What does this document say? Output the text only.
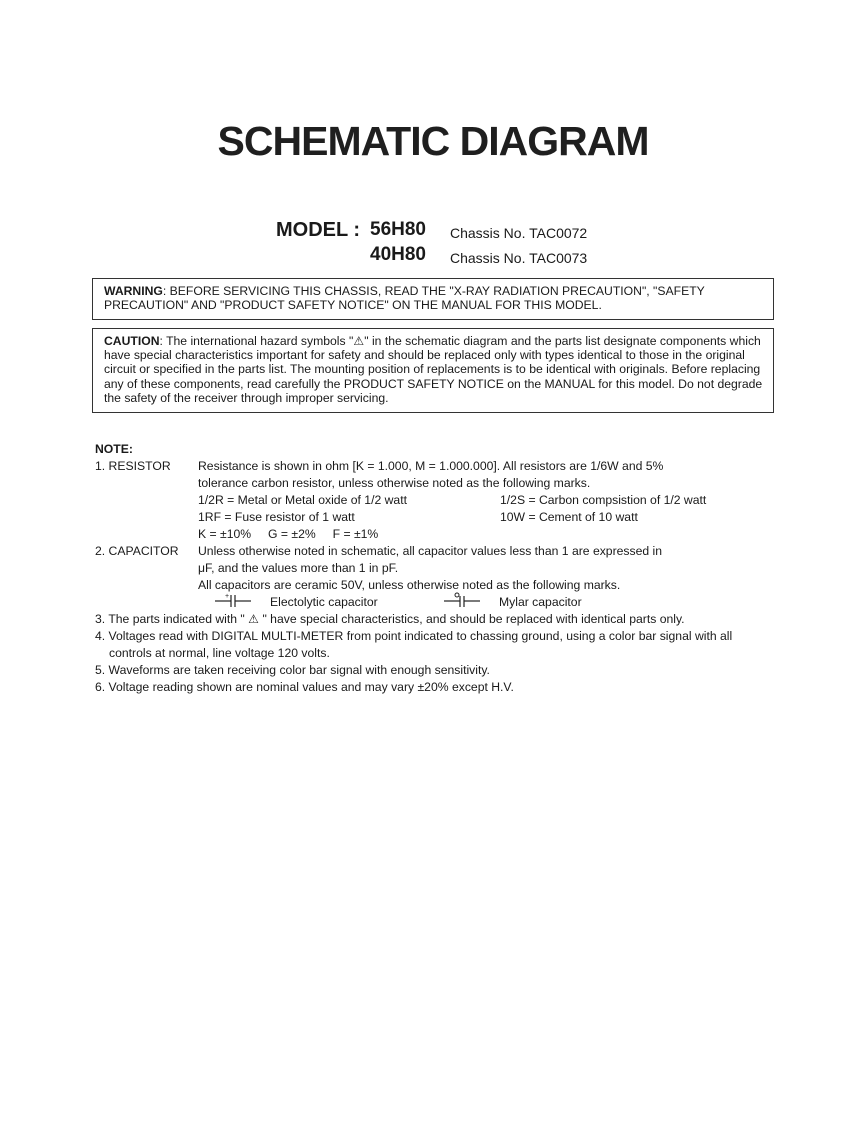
SCHEMATIC DIAGRAM
MODEL : 56H80 Chassis No. TAC0072
40H80 Chassis No. TAC0073
WARNING: BEFORE SERVICING THIS CHASSIS, READ THE "X-RAY RADIATION PRECAUTION", "SAFETY PRECAUTION" AND "PRODUCT SAFETY NOTICE" ON THE MANUAL FOR THIS MODEL.
CAUTION: The international hazard symbols "⚠" in the schematic diagram and the parts list designate components which have special characteristics important for safety and should be replaced only with types identical to those in the original circuit or specified in the parts list. The mounting position of replacements is to be identical with originals. Before replacing any of these components, read carefully the PRODUCT SAFETY NOTICE on the MANUAL for this model. Do not degrade the safety of the receiver through improper servicing.
NOTE:
1. RESISTOR Resistance is shown in ohm [K = 1.000, M = 1.000.000]. All resistors are 1/6W and 5%
tolerance carbon resistor, unless otherwise noted as the following marks.
1/2R = Metal or Metal oxide of 1/2 watt	1/2S = Carbon compsistion of 1/2 watt
1RF = Fuse resistor of 1 watt	10W = Cement of 10 watt
K = ±10%     G = ±2%     F = ±1%
2. CAPACITOR Unless otherwise noted in schematic, all capacitor values less than 1 are expressed in
μF, and the values more than 1 in pF.
All capacitors are ceramic 50V, unless otherwise noted as the following marks.
+	Electolytic capacitor	Mylar capacitor
3. The parts indicated with " ⚠ " have special characteristics, and should be replaced with identical parts only.
4. Voltages read with DIGITAL MULTI-METER from point indicated to chassing ground, using a color bar signal with all
controls at normal, line voltage 120 volts.
5. Waveforms are taken receiving color bar signal with enough sensitivity.
6. Voltage reading shown are nominal values and may vary ±20% except H.V.
